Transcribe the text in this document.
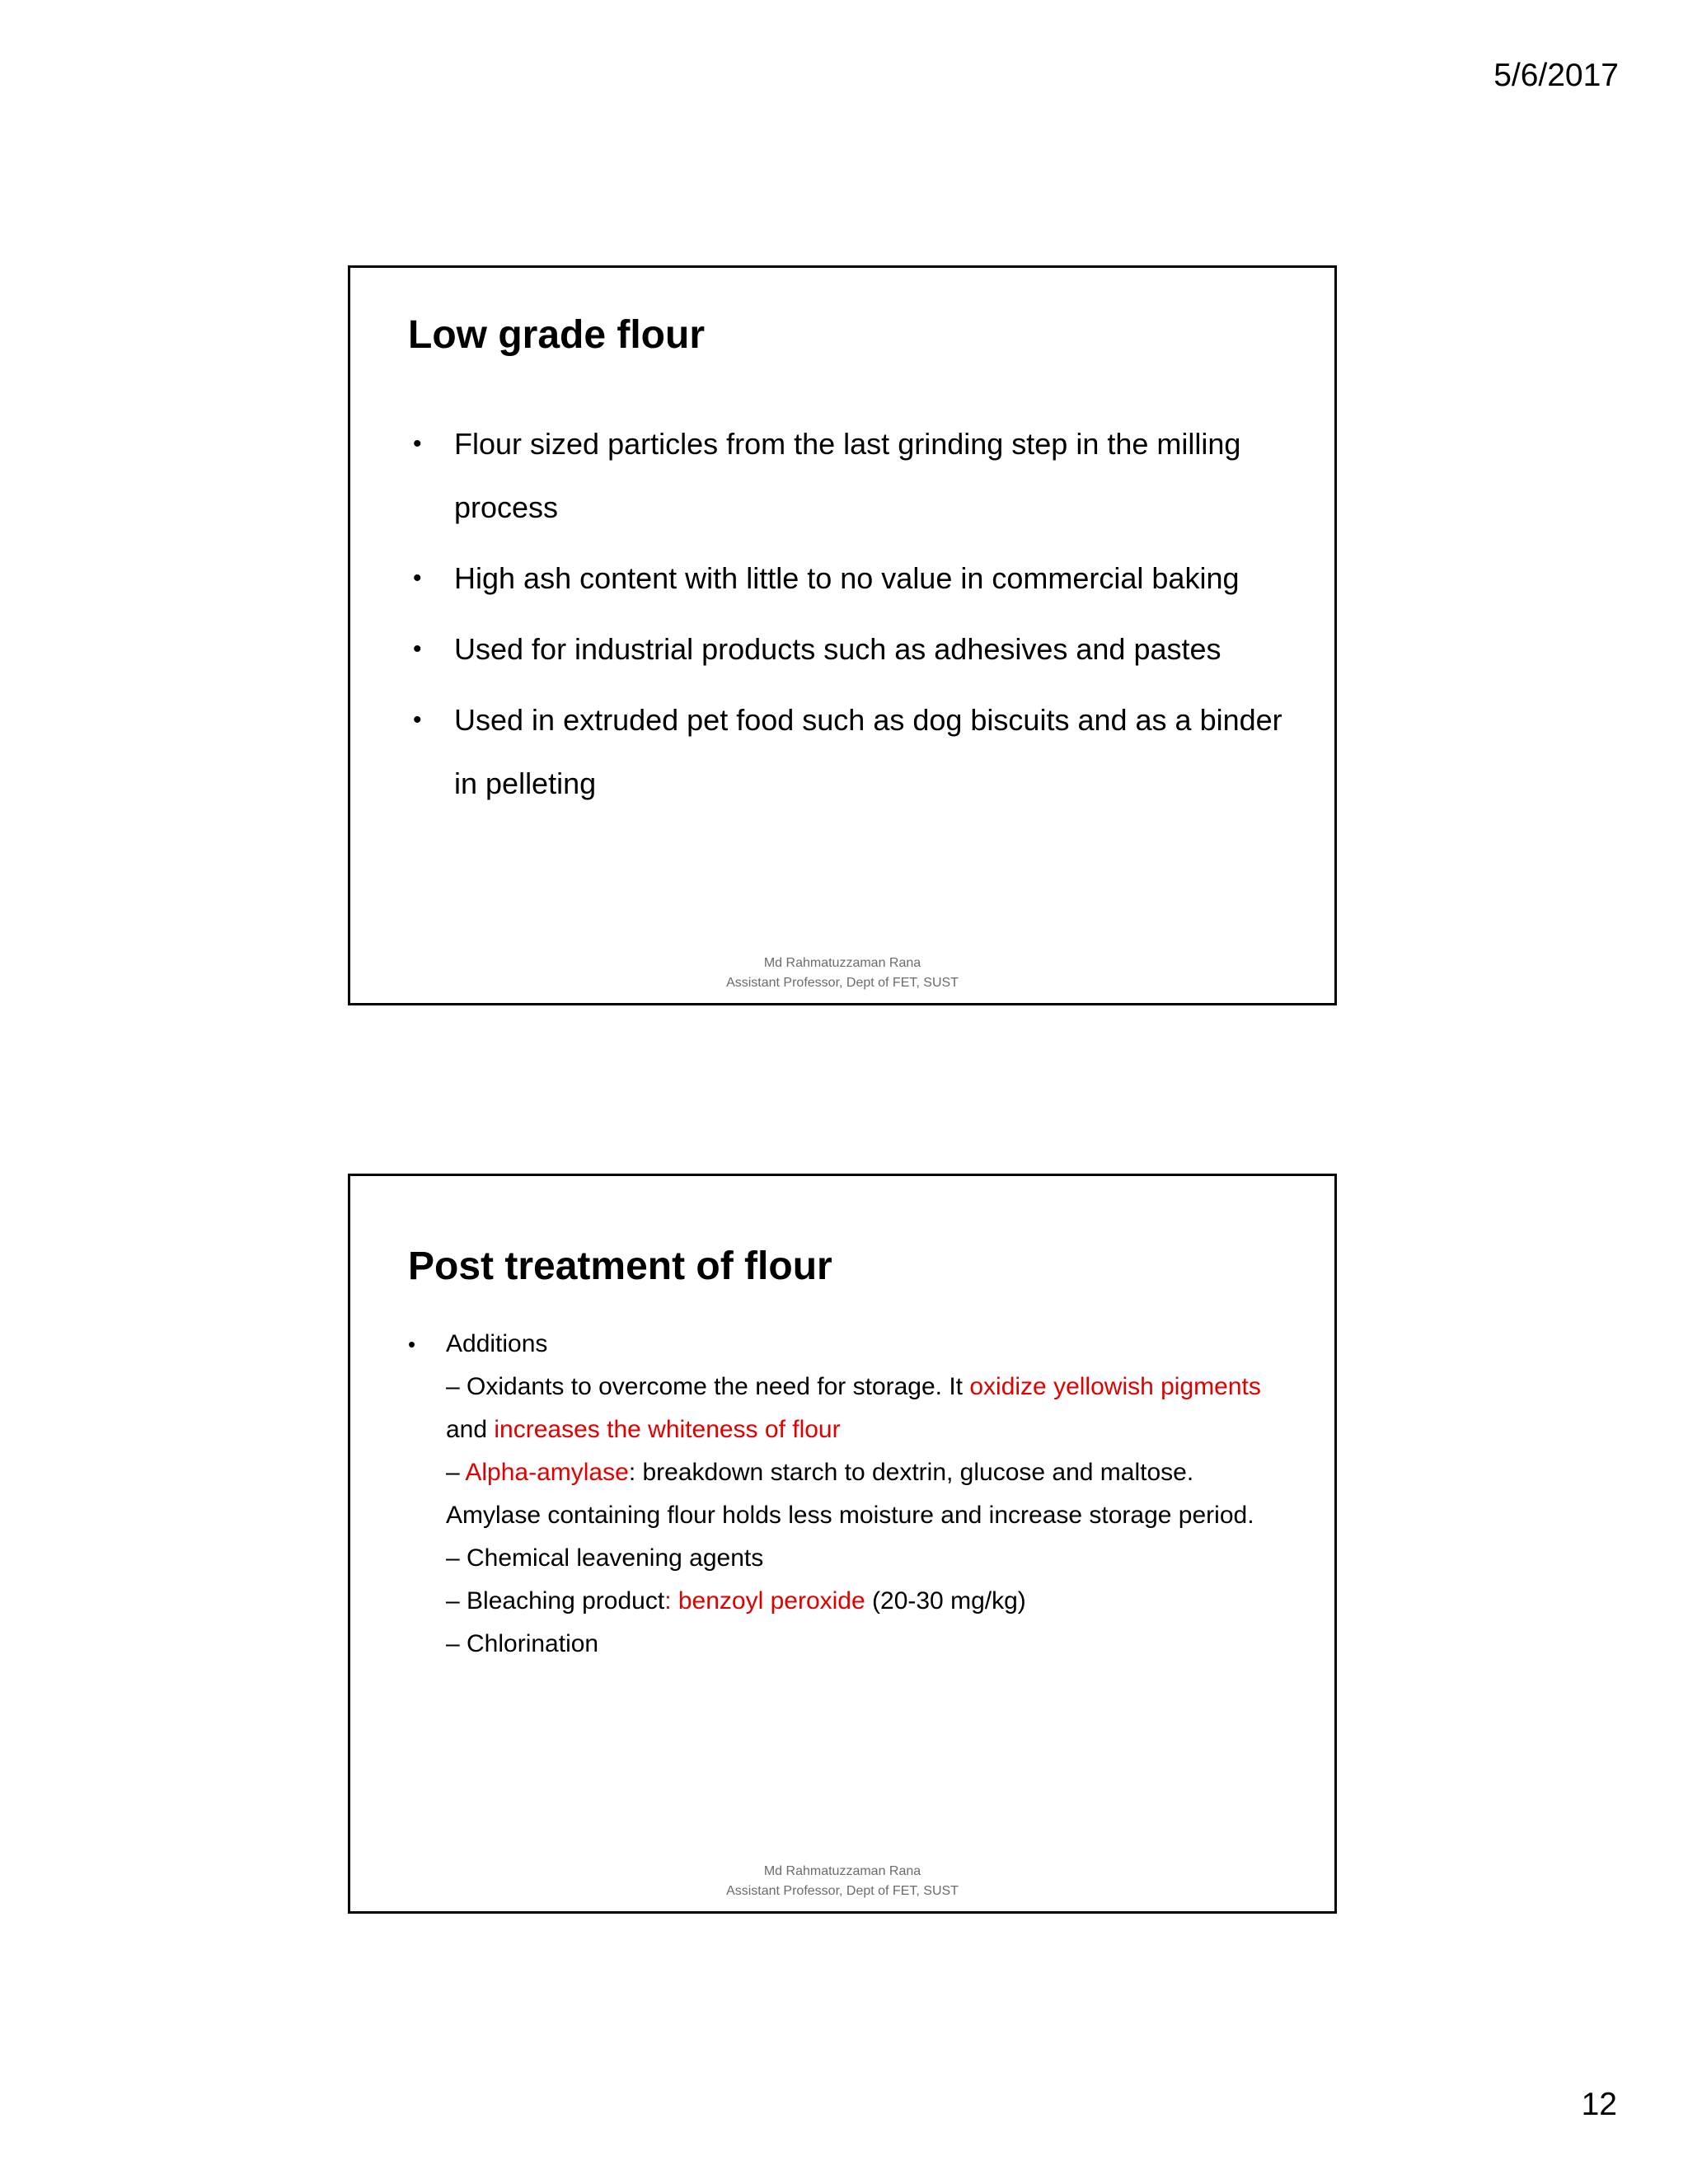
5/6/2017
Low grade flour
• Flour sized particles from the last grinding step in the milling process
• High ash content with little to no value in commercial baking
• Used for industrial products such as adhesives and pastes
• Used in extruded pet food such as dog biscuits and as a binder in pelleting
Md Rahmatuzzaman Rana
Assistant Professor, Dept of FET, SUST
Post treatment of flour
• Additions
– Oxidants to overcome the need for storage. It oxidize yellowish pigments
and increases the whiteness of flour
– Alpha-amylase: breakdown starch to dextrin, glucose and maltose.
Amylase containing flour holds less moisture and increase storage period.
– Chemical leavening agents
– Bleaching product: benzoyl peroxide (20-30 mg/kg)
– Chlorination
Md Rahmatuzzaman Rana
Assistant Professor, Dept of FET, SUST
12
